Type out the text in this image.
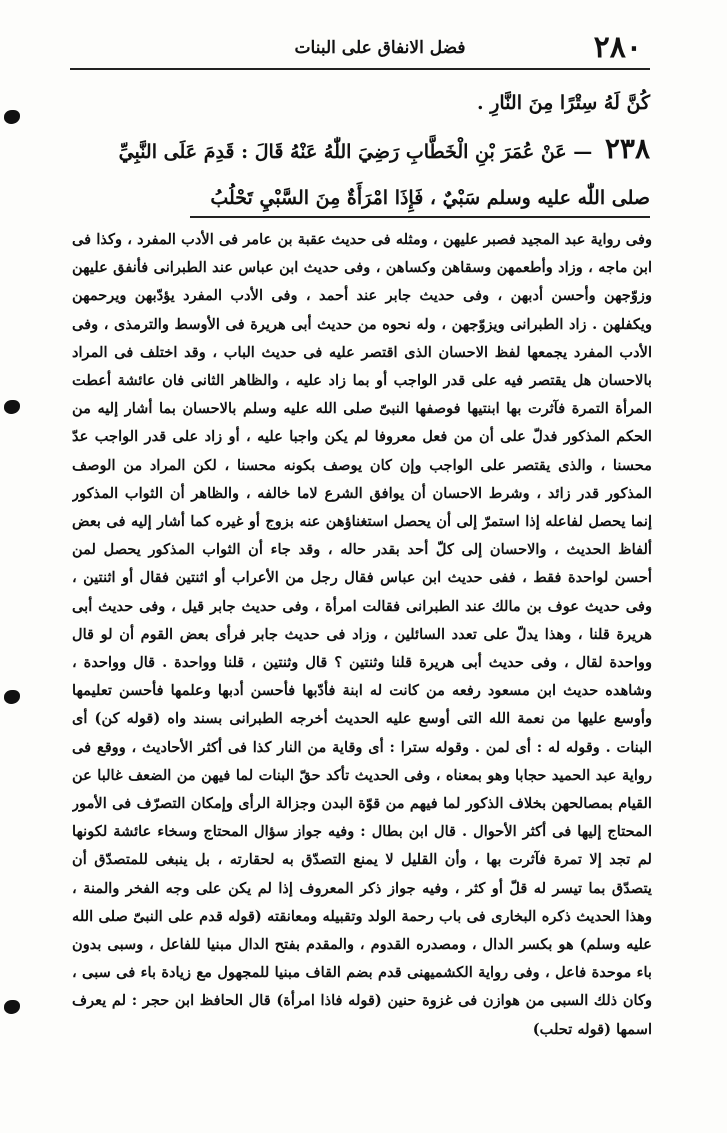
٢٨٠
فضل الانفاق على البنات
كُنَّ لَهُ سِتْرًا مِنَ النَّارِ .
٢٣٨ — عَنْ عُمَرَ بْنِ الْخَطَّابِ رَضِيَ اللّٰهُ عَنْهُ قَالَ : قَدِمَ عَلَى النَّبِيِّ صلى اللّٰه عليه وسلم سَبْيٌ ، فَإِذَا امْرَأَةٌ مِنَ السَّبْيِ تَحْلُبُ

وفى رواية عبد المجيد فصبر عليهن ، ومثله فى حديث عقبة بن عامر فى الأدب المفرد ، وكذا فى ابن ماجه ، وزاد وأطعمهن وسقاهن وكساهن ، وفى حديث ابن عباس عند الطبرانى فأنفق عليهن وزوّجهن وأحسن أدبهن ، وفى حديث جابر عند أحمد ، وفى الأدب المفرد يؤدّبهن ويرحمهن ويكفلهن . زاد الطبرانى ويزوّجهن ، وله نحوه من حديث أبى هريرة فى الأوسط والترمذى ، وفى الأدب المفرد يجمعها لفظ الاحسان الذى اقتصر عليه فى حديث الباب ، وقد اختلف فى المراد بالاحسان هل يقتصر فيه على قدر الواجب أو بما زاد عليه ، والظاهر الثانى فان عائشة أعطت المرأة التمرة فآثرت بها ابنتيها فوصفها النبىّ صلى الله عليه وسلم بالاحسان بما أشار إليه من الحكم المذكور فدلّ على أن من فعل معروفا لم يكن واجبا عليه ، أو زاد على قدر الواجب عدّ محسنا ، والذى يقتصر على الواجب وإن كان يوصف بكونه محسنا ، لكن المراد من الوصف المذكور قدر زائد ، وشرط الاحسان أن يوافق الشرع لاما خالفه ، والظاهر أن الثواب المذكور إنما يحصل لفاعله إذا استمرّ إلى أن يحصل استغناؤهن عنه بزوج أو غيره كما أشار إليه فى بعض ألفاظ الحديث ، والاحسان إلى كلّ أحد بقدر حاله ، وقد جاء أن الثواب المذكور يحصل لمن أحسن لواحدة فقط ، ففى حديث ابن عباس فقال رجل من الأعراب أو اثنتين فقال أو اثنتين ، وفى حديث عوف بن مالك عند الطبرانى فقالت امرأة ، وفى حديث جابر قيل ، وفى حديث أبى هريرة قلنا ، وهذا يدلّ على تعدد السائلين ، وزاد فى حديث جابر فرأى بعض القوم أن لو قال وواحدة لقال ، وفى حديث أبى هريرة قلنا وثنتين ؟ قال وثنتين ، قلنا وواحدة . قال وواحدة ، وشاهده حديث ابن مسعود رفعه من كانت له ابنة فأدّبها فأحسن أدبها وعلمها فأحسن تعليمها وأوسع عليها من نعمة الله التى أوسع عليه الحديث أخرجه الطبرانى بسند واه (قوله كن) أى البنات . وقوله له : أى لمن . وقوله سترا : أى وقاية من النار كذا فى أكثر الأحاديث ، ووقع فى رواية عبد الحميد حجابا وهو بمعناه ، وفى الحديث تأكد حقّ البنات لما فيهن من الضعف غالبا عن القيام بمصالحهن بخلاف الذكور لما فيهم من قوّة البدن وجزالة الرأى وإمكان التصرّف فى الأمور المحتاج إليها فى أكثر الأحوال . قال ابن بطال : وفيه جواز سؤال المحتاج وسخاء عائشة لكونها لم تجد إلا تمرة فآثرت بها ، وأن القليل لا يمنع التصدّق به لحقارته ، بل ينبغى للمتصدّق أن يتصدّق بما تيسر له قلّ أو كثر ، وفيه جواز ذكر المعروف إذا لم يكن على وجه الفخر والمنة ، وهذا الحديث ذكره البخارى فى باب رحمة الولد وتقبيله ومعانقته (قوله قدم على النبىّ صلى الله عليه وسلم) هو بكسر الدال ، ومصدره القدوم ، والمقدم بفتح الدال مبنيا للفاعل ، وسبى بدون باء موحدة فاعل ، وفى رواية الكشميهنى قدم بضم القاف مبنيا للمجهول مع زيادة باء فى سبى ، وكان ذلك السبى من هوازن فى غزوة حنين (قوله فاذا امرأة) قال الحافظ ابن حجر : لم يعرف اسمها (قوله تحلب)
